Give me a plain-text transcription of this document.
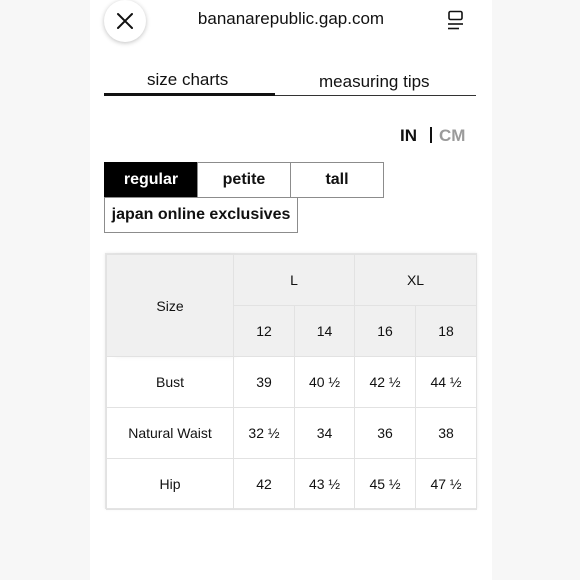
bananarepublic.gap.com
size charts	measuring tips
IN CM
regular	petite	tall
japan online exclusives
Size	L		XL	
	12	14	16	18
Bust	39	40 ½	42 ½	44 ½
Natural Waist	32 ½	34	36	38
Hip	42	43 ½	45 ½	47 ½
